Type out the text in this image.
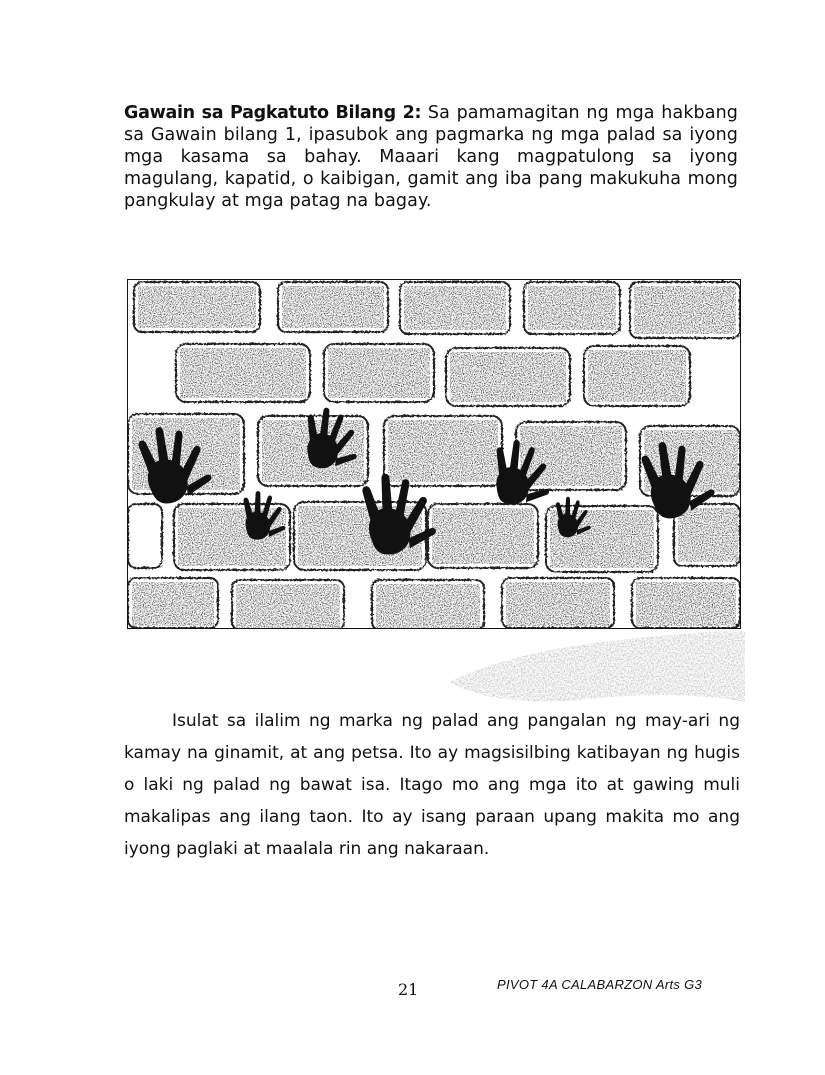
Gawain sa Pagkatuto Bilang 2: Sa pamamagitan ng mga hakbang sa Gawain bilang 1, ipasubok ang pagmarka ng mga palad sa iyong mga kasama sa bahay. Maaari kang magpatulong sa iyong magulang, kapatid, o kaibigan, gamit ang iba pang makukuha mong pangkulay at mga patag na bagay.
Isulat sa ilalim ng marka ng palad ang pangalan ng may-ari ng kamay na ginamit, at ang petsa. Ito ay magsisilbing katibayan ng hugis o laki ng palad ng bawat isa. Itago mo ang mga ito at gawing muli makalipas ang ilang taon. Ito ay isang paraan upang makita mo ang iyong paglaki at maalala rin ang nakaraan.
21	PIVOT 4A CALABARZON Arts G3
